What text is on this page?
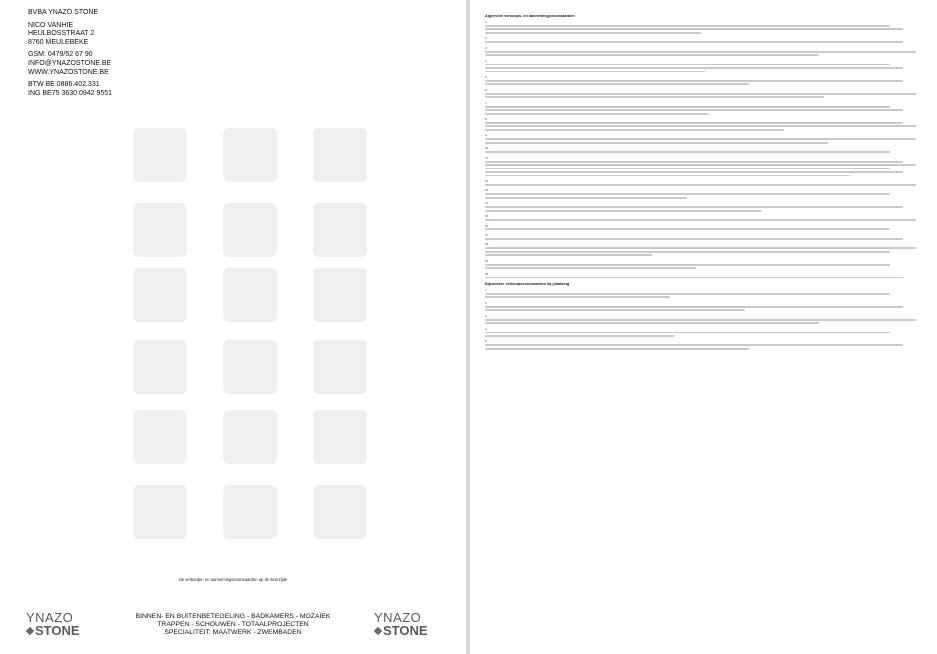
BVBA YNAZO STONE
NICO VANHIE
HEULBOSSTRAAT 2
8760 MEULEBEKE
GSM: 0479/52 67 90
INFO@YNAZOSTONE.BE
WWW.YNAZOSTONE.BE
BTW BE 0886.402.331
ING BE75 3630 0942 9551
zie verkoops- en aannemingsvoorwaarden op de keerzijde
YNAZO
STONE
BINNEN- EN BUITENBETEGELING - BADKAMERS - MOZAÏEK
TRAPPEN - SCHOUWEN - TOTAALPROJECTEN
SPECIALITEIT: MAATWERK - ZWEMBADEN
YNAZO
STONE
Algemene verkoops- en aannemingsvoorwaarden
1.
2.
3.
4.
5.
6.
7.
8.
9.
10.
11.
12.
13.
14.
15.
16.
17.
18.
19.
20.
Bijzondere verkoopsvoorwaarden bij plaatsing
1.
2.
3.
4.
5.
